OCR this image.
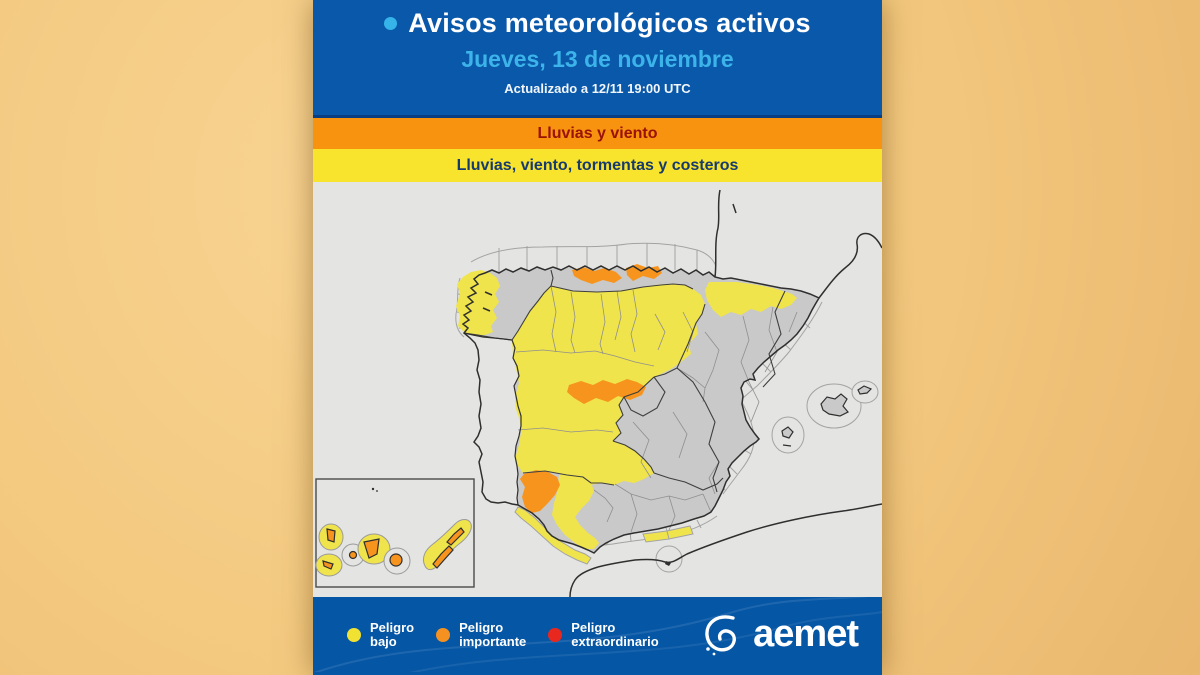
Avisos meteorológicos activos
Jueves, 13 de noviembre
Actualizado a 12/11 19:00 UTC
Lluvias y viento
Lluvias, viento, tormentas y costeros
Peligro
bajo
Peligro
importante
Peligro
extraordinario aemet
